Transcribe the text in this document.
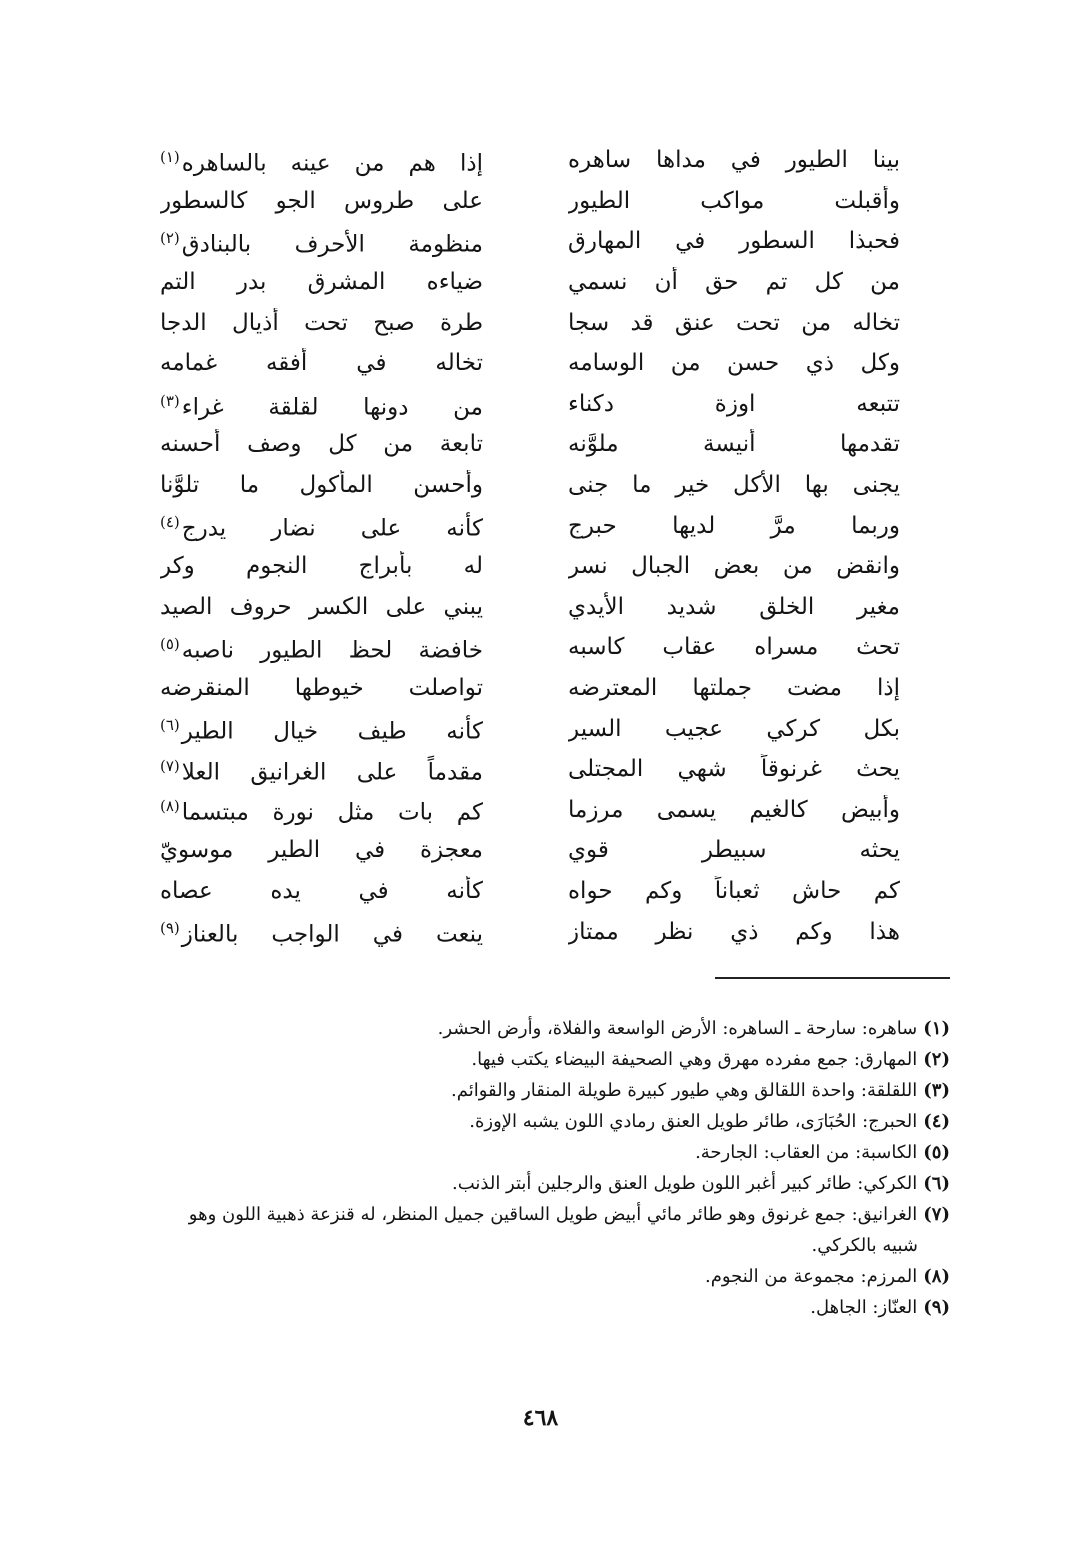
بينا الطيور في مداها ساهره
إذا هم من عينه بالساهره$^{(١)}$
وأقبلت مواكب الطيور
على طروس الجو كالسطور
فحبذا السطور في المهارق
منظومة الأحرف بالبنادق$^{(٢)}$
من كل تم حق أن نسمي
ضياءه المشرق بدر التم
تخاله من تحت عنق قد سجا
طرة صبح تحت أذيال الدجا
وكل ذي حسن من الوسامه
تخاله في أفقه غمامه
تتبعه اوزة دكناء
من دونها لقلقة غراء$^{(٣)}$
تقدمها أنيسة ملوَّنه
تابعة من كل وصف أحسنه
يجنى بها الأكل خير ما جنى
وأحسن المأكول ما تلوَّنا
وربما مرَّ لديها حبرج
كأنه على نضار يدرج$^{(٤)}$
وانقض من بعض الجبال نسر
له بأبراج النجوم وكر
مغير الخلق شديد الأيدي
يبني على الكسر حروف الصيد
تحث مسراه عقاب كاسبه
خافضة لحظ الطيور ناصبه$^{(٥)}$
إذا مضت جملتها المعترضه
تواصلت خيوطها المنقرضه
بكل كركي عجيب السير
كأنه طيف خيال الطير$^{(٦)}$
يحث غرنوقاً شهي المجتلى
مقدماً على الغرانيق العلا$^{(٧)}$
وأبيض كالغيم يسمى مرزما
كم بات مثل نورة مبتسما$^{(٨)}$
يحثه سبيطر قوي
معجزة في الطير موسويّ
كم حاش ثعباناً وكم حواه
كأنه في يده عصاه
هذا وكم ذي نظر ممتاز
ينعت في الواجب بالعناز$^{(٩)}$
(١)
ساهره: سارحة ـ الساهره: الأرض الواسعة والفلاة، وأرض الحشر.
(٢)
المهارق: جمع مفرده مهرق وهي الصحيفة البيضاء يكتب فيها.
(٣)
اللقلقة: واحدة اللقالق وهي طيور كبيرة طويلة المنقار والقوائم.
(٤)
الحبرج: الحُبَارَى، طائر طويل العنق رمادي اللون يشبه الإوزة.
(٥)
الكاسبة: من العقاب: الجارحة.
(٦)
الكركي: طائر كبير أغبر اللون طويل العنق والرجلين أبتر الذنب.
(٧)
الغرانيق: جمع غرنوق وهو طائر مائي أبيض طويل الساقين جميل المنظر، له قنزعة ذهبية اللون وهو
شبيه بالكركي.
(٨)
المرزم: مجموعة من النجوم.
(٩)
العنّاز: الجاهل.
٤٦٨
